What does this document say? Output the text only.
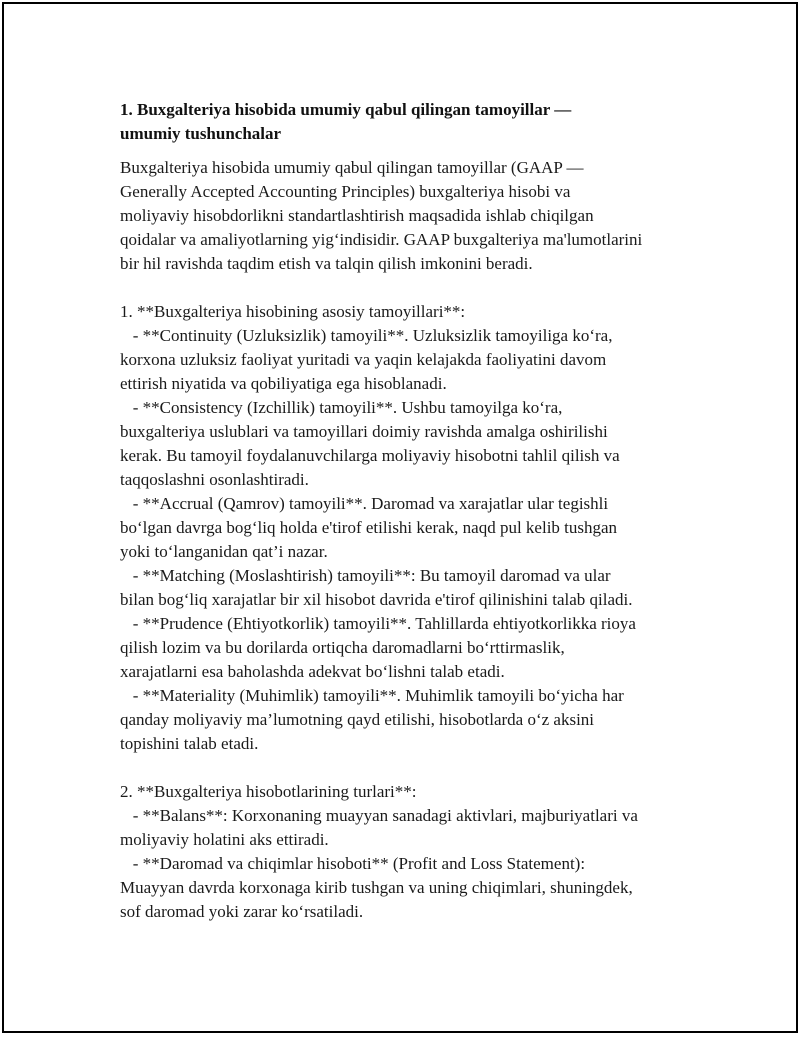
1. Buxgalteriya hisobida umumiy qabul qilingan tamoyillar —
umumiy tushunchalar
Buxgalteriya hisobida umumiy qabul qilingan tamoyillar (GAAP —
Generally Accepted Accounting Principles) buxgalteriya hisobi va
moliyaviy hisobdorlikni standartlashtirish maqsadida ishlab chiqilgan
qoidalar va amaliyotlarning yig‘indisidir. GAAP buxgalteriya ma'lumotlarini
bir hil ravishda taqdim etish va talqin qilish imkonini beradi.
1. **Buxgalteriya hisobining asosiy tamoyillari**:
- **Continuity (Uzluksizlik) tamoyili**. Uzluksizlik tamoyiliga ko‘ra,
korxona uzluksiz faoliyat yuritadi va yaqin kelajakda faoliyatini davom
ettirish niyatida va qobiliyatiga ega hisoblanadi.
- **Consistency (Izchillik) tamoyili**. Ushbu tamoyilga ko‘ra,
buxgalteriya uslublari va tamoyillari doimiy ravishda amalga oshirilishi
kerak. Bu tamoyil foydalanuvchilarga moliyaviy hisobotni tahlil qilish va
taqqoslashni osonlashtiradi.
- **Accrual (Qamrov) tamoyili**. Daromad va xarajatlar ular tegishli
bo‘lgan davrga bog‘liq holda e'tirof etilishi kerak, naqd pul kelib tushgan
yoki to‘langanidan qat’i nazar.
- **Matching (Moslashtirish) tamoyili**: Bu tamoyil daromad va ular
bilan bog‘liq xarajatlar bir xil hisobot davrida e'tirof qilinishini talab qiladi.
- **Prudence (Ehtiyotkorlik) tamoyili**. Tahlillarda ehtiyotkorlikka rioya
qilish lozim va bu dorilarda ortiqcha daromadlarni bo‘rttirmaslik,
xarajatlarni esa baholashda adekvat bo‘lishni talab etadi.
- **Materiality (Muhimlik) tamoyili**. Muhimlik tamoyili bo‘yicha har
qanday moliyaviy ma’lumotning qayd etilishi, hisobotlarda o‘z aksini
topishini talab etadi.
2. **Buxgalteriya hisobotlarining turlari**:
- **Balans**: Korxonaning muayyan sanadagi aktivlari, majburiyatlari va
moliyaviy holatini aks ettiradi.
- **Daromad va chiqimlar hisoboti** (Profit and Loss Statement):
Muayyan davrda korxonaga kirib tushgan va uning chiqimlari, shuningdek,
sof daromad yoki zarar ko‘rsatiladi.
